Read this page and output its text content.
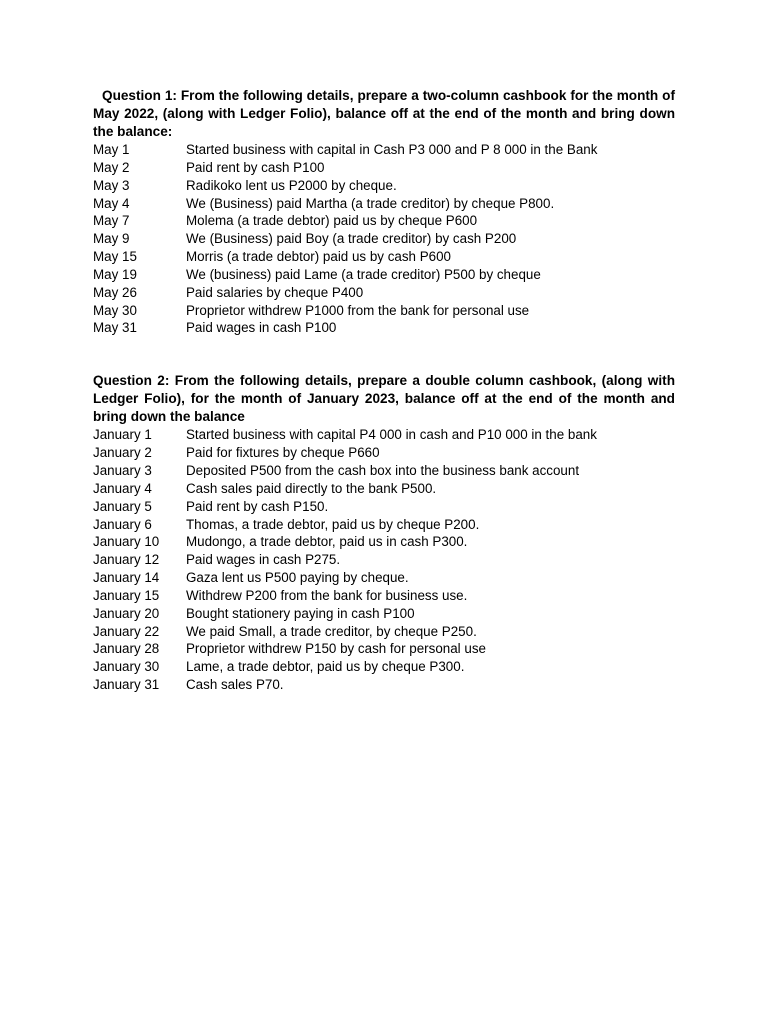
Question 1: From the following details, prepare a two-column cashbook for the month of May 2022, (along with Ledger Folio), balance off at the end of the month and bring down the balance:

May 1	Started business with capital in Cash P3 000 and P 8 000 in the Bank
May 2	Paid rent by cash P100
May 3	Radikoko lent us P2000 by cheque.
May 4	We (Business) paid Martha (a trade creditor) by cheque P800.
May 7	Molema (a trade debtor) paid us by cheque P600
May 9	We (Business) paid Boy (a trade creditor) by cash P200
May 15	Morris (a trade debtor) paid us by cash P600
May 19	We (business) paid Lame (a trade creditor) P500 by cheque
May 26	Paid salaries by cheque P400
May 30	Proprietor withdrew P1000 from the bank for personal use
May 31	Paid wages in cash P100

Question 2: From the following details, prepare a double column cashbook, (along with Ledger Folio), for the month of January 2023, balance off at the end of the month and bring down the balance

January 1	Started business with capital P4 000 in cash and P10 000 in the bank
January 2	Paid for fixtures by cheque P660
January 3	Deposited P500 from the cash box into the business bank account
January 4	Cash sales paid directly to the bank P500.
January 5	Paid rent by cash P150.
January 6	Thomas, a trade debtor, paid us by cheque P200.
January 10	Mudongo, a trade debtor, paid us in cash P300.
January 12	Paid wages in cash P275.
January 14	Gaza lent us P500 paying by cheque.
January 15	Withdrew P200 from the bank for business use.
January 20	Bought stationery paying in cash P100
January 22	We paid Small, a trade creditor, by cheque P250.
January 28	Proprietor withdrew P150 by cash for personal use
January 30	Lame, a trade debtor, paid us by cheque P300.
January 31	Cash sales P70.
